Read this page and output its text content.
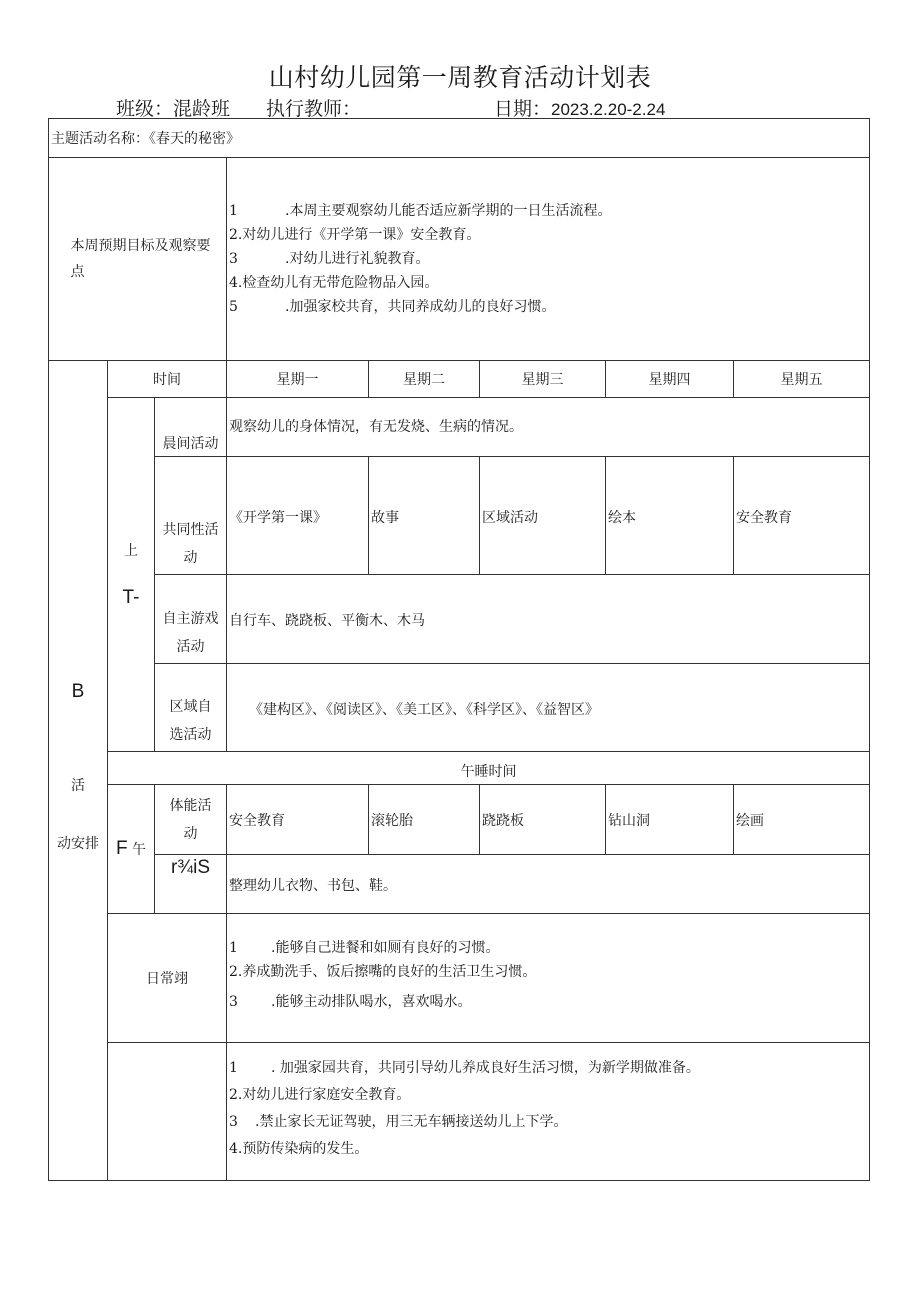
山村幼儿园第一周教育活动计划表
班级：混龄班 执行教师：	日期：2023.2.20-2.24
主题活动名称：《春天的秘密》							

本周预期目标及观察要点			1 .本周主要观察幼儿能否适应新学期的一日生活流程。
2.对幼儿进行《开学第一课》安全教育。
3 .对幼儿进行礼貌教育。
4.检查幼儿有无带危险物品入园。
5 .加强家校共育，共同养成幼儿的良好习惯。				

B
活
动安排	时间		星期一	星期二	星期三	星期四	星期五

	上
T-	晨间活动	观察幼儿的身体情况，有无发烧、生病的情况。				

		共同性活
动	《开学第一课》	故事	区域活动	绘本	安全教育

		自主游戏
活动	自行车、跷跷板、平衡木、木马				

		区域自
选活动	《建构区》、《阅读区》、《美工区》、《科学区》、《益智区》				
	午睡时间						
	F 午	体能活
动	安全教育	滚轮胎	跷跷板	钻山洞	绘画
		r¾iS	整理幼儿衣物、书包、鞋。				
	日常翊		1 .能够自己进餐和如厕有良好的习惯。
2.养成勤洗手、饭后擦嘴的良好的生活卫生习惯。
3 .能够主动排队喝水，喜欢喝水。				

			1 . 加强家园共育，共同引导幼儿养成良好生活习惯，为新学期做准备。
2.对幼儿进行家庭安全教育。
3 .禁止家长无证驾驶，用三无车辆接送幼儿上下学。
4.预防传染病的发生。				
